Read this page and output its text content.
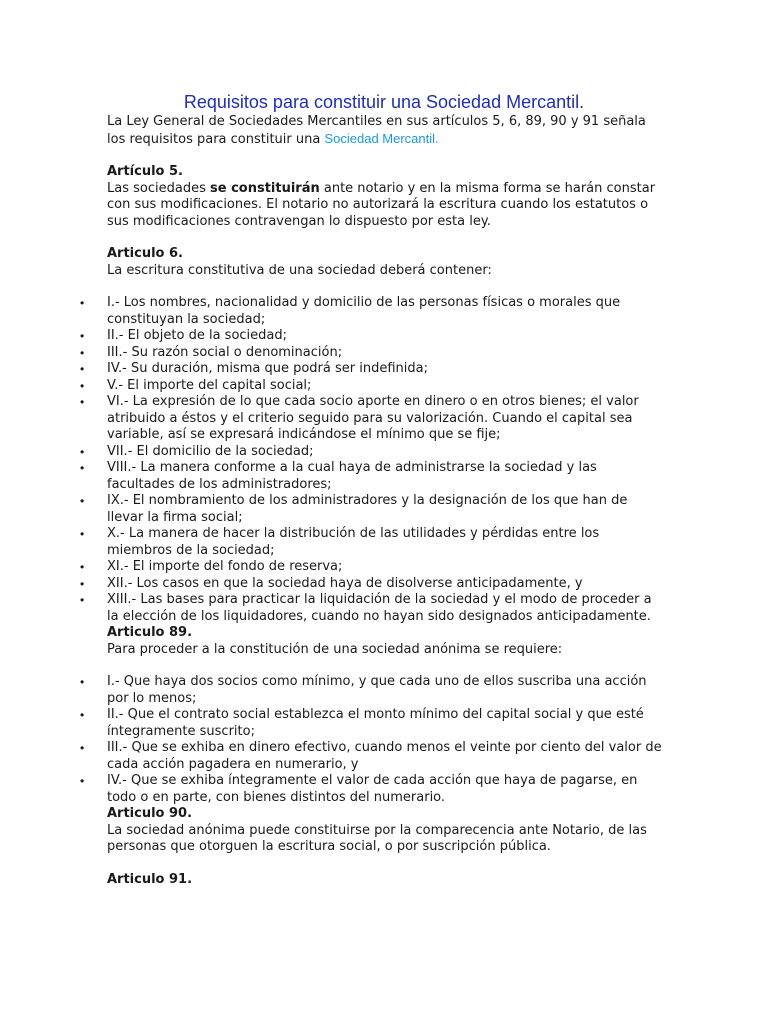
Requisitos para constituir una Sociedad Mercantil.

La Ley General de Sociedades Mercantiles en sus artículos 5, 6, 89, 90 y 91 señala los requisitos para constituir una Sociedad Mercantil.

Artículo 5.

Las sociedades se constituirán ante notario y en la misma forma se harán constar con sus modificaciones. El notario no autorizará la escritura cuando los estatutos o sus modificaciones contravengan lo dispuesto por esta ley.

Articulo 6.

La escritura constitutiva de una sociedad deberá contener:

• I.- Los nombres, nacionalidad y domicilio de las personas físicas o morales que constituyan la sociedad;
• II.- El objeto de la sociedad;
• III.- Su razón social o denominación;
• IV.- Su duración, misma que podrá ser indefinida;
• V.- El importe del capital social;
• VI.- La expresión de lo que cada socio aporte en dinero o en otros bienes; el valor atribuido a éstos y el criterio seguido para su valorización. Cuando el capital sea variable, así se expresará indicándose el mínimo que se fije;
• VII.- El domicilio de la sociedad;
• VIII.- La manera conforme a la cual haya de administrarse la sociedad y las facultades de los administradores;
• IX.- El nombramiento de los administradores y la designación de los que han de llevar la firma social;
• X.- La manera de hacer la distribución de las utilidades y pérdidas entre los miembros de la sociedad;
• XI.- El importe del fondo de reserva;
• XII.- Los casos en que la sociedad haya de disolverse anticipadamente, y
• XIII.- Las bases para practicar la liquidación de la sociedad y el modo de proceder a la elección de los liquidadores, cuando no hayan sido designados anticipadamente.

Articulo 89.

Para proceder a la constitución de una sociedad anónima se requiere:

• I.- Que haya dos socios como mínimo, y que cada uno de ellos suscriba una acción por lo menos;
• II.- Que el contrato social establezca el monto mínimo del capital social y que esté íntegramente suscrito;
• III.- Que se exhiba en dinero efectivo, cuando menos el veinte por ciento del valor de cada acción pagadera en numerario, y
• IV.- Que se exhiba íntegramente el valor de cada acción que haya de pagarse, en todo o en parte, con bienes distintos del numerario.

Articulo 90.

La sociedad anónima puede constituirse por la comparecencia ante Notario, de las personas que otorguen la escritura social, o por suscripción pública.

Articulo 91.
